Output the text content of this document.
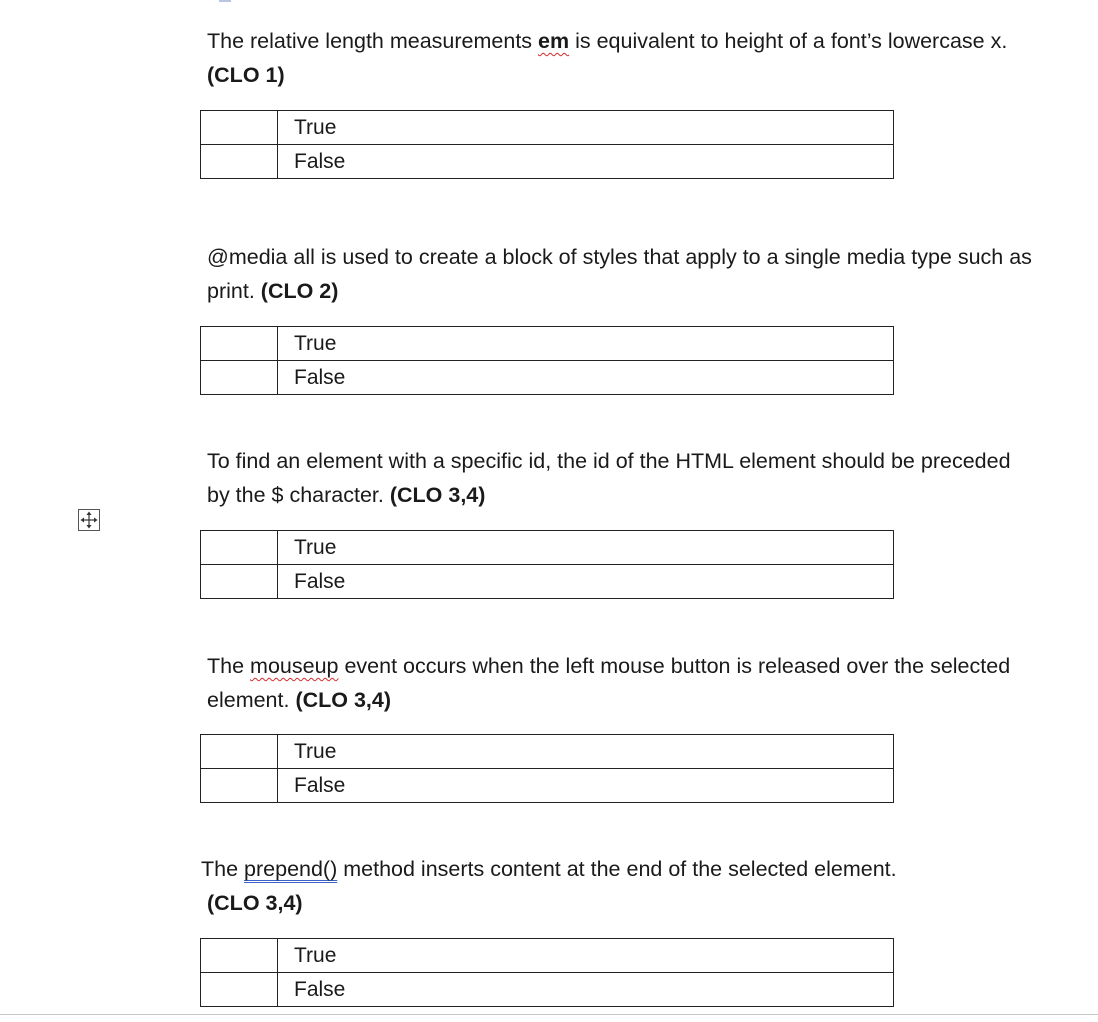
The relative length measurements em is equivalent to height of a font’s lowercase x. (CLO 1)
	True
	False
@media all is used to create a block of styles that apply to a single media type such as print. (CLO 2)
	True
	False
To find an element with a specific id, the id of the HTML element should be preceded by the $ character. (CLO 3,4)
	True
	False
The mouseup event occurs when the left mouse button is released over the selected element. (CLO 3,4)
	True
	False
The prepend() method inserts content at the end of the selected element.
(CLO 3,4)
	True
	False
